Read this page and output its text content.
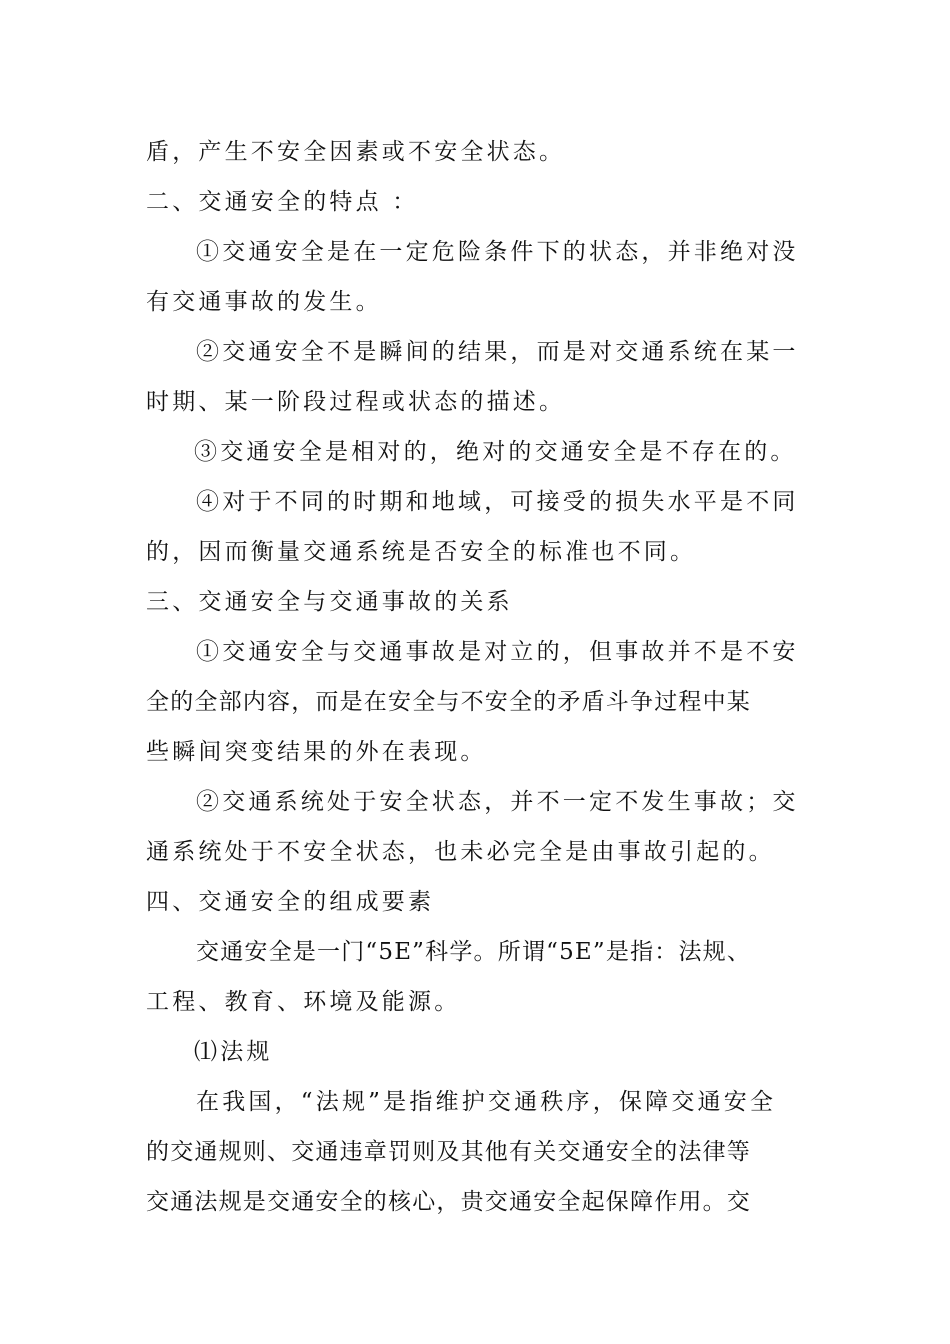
盾，产生不安全因素或不安全状态。
二、交通安全的特点 ：
①交通安全是在一定危险条件下的状态，并非绝对没
有交通事故的发生。
②交通安全不是瞬间的结果，而是对交通系统在某一
时期、某一阶段过程或状态的描述。
③交通安全是相对的，绝对的交通安全是不存在的。
④对于不同的时期和地域，可接受的损失水平是不同
的，因而衡量交通系统是否安全的标准也不同。
三、交通安全与交通事故的关系
①交通安全与交通事故是对立的，但事故并不是不安
全的全部内容，而是在安全与不安全的矛盾斗争过程中某
些瞬间突变结果的外在表现。
②交通系统处于安全状态，并不一定不发生事故；交
通系统处于不安全状态，也未必完全是由事故引起的。
四、交通安全的组成要素
交通安全是一门“5E”科学。所谓“5E”是指：法规、
工程、教育、环境及能源。
⑴法规
在我国，“法规”是指维护交通秩序，保障交通安全
的交通规则、交通违章罚则及其他有关交通安全的法律等
交通法规是交通安全的核心，贵交通安全起保障作用。交
